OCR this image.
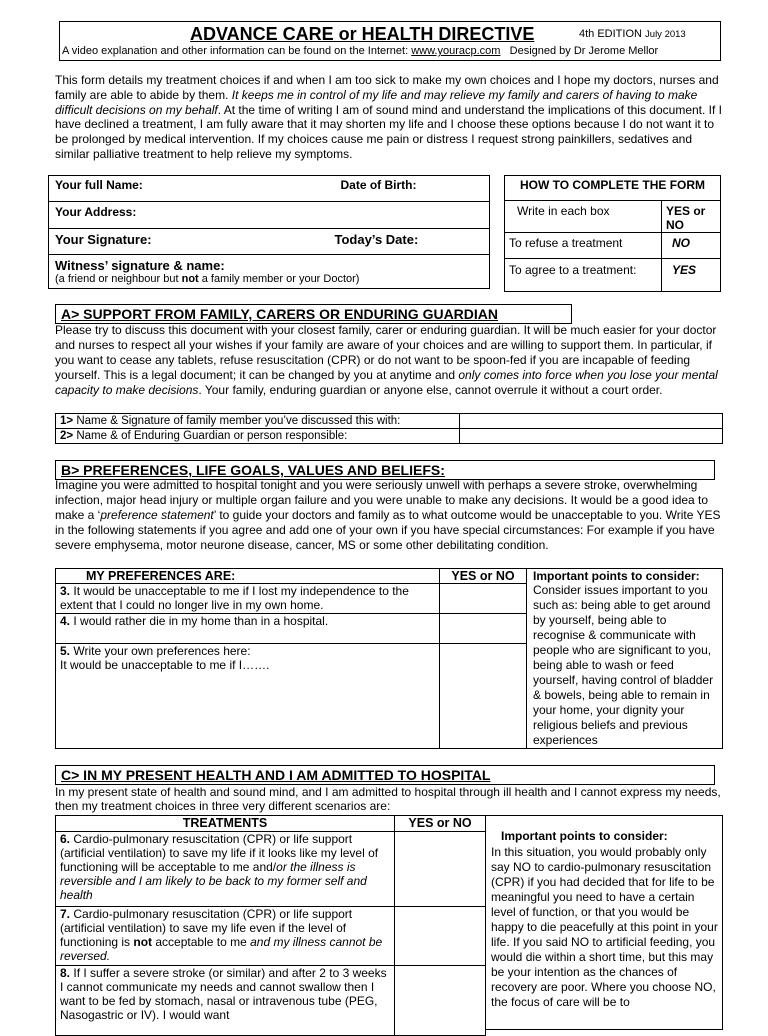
ADVANCE CARE or HEALTH DIRECTIVE	4th EDITION July 2013
A video explanation and other information can be found on the Internet: www.youracp.com Designed by Dr Jerome Mellor
This form details my treatment choices if and when I am too sick to make my own choices and I hope my doctors, nurses and family are able to abide by them. It keeps me in control of my life and may relieve my family and carers of having to make difficult decisions on my behalf. At the time of writing I am of sound mind and understand the implications of this document. If I have declined a treatment, I am fully aware that it may shorten my life and I choose these options because I do not want it to be prolonged by medical intervention. If my choices cause me pain or distress I request strong painkillers, sedatives and similar palliative treatment to help relieve my symptoms.
Your full Name:	Date of Birth:

Your Address:
Your Signature:	Today’s Date:

Witness’ signature & name:
(a friend or neighbour but not a family member or your Doctor)
HOW TO COMPLETE THE FORM	
Write in each box	YES or NO
To refuse a treatment	NO
To agree to a treatment:	YES
A> SUPPORT FROM FAMILY, CARERS OR ENDURING GUARDIAN
Please try to discuss this document with your closest family, carer or enduring guardian. It will be much easier for your doctor and nurses to respect all your wishes if your family are aware of your choices and are willing to support them. In particular, if you want to cease any tablets, refuse resuscitation (CPR) or do not want to be spoon-fed if you are incapable of feeding yourself. This is a legal document; it can be changed by you at anytime and only comes into force when you lose your mental capacity to make decisions. Your family, enduring guardian or anyone else, cannot overrule it without a court order.
1> Name & Signature of family member you’ve discussed this with:	
2> Name & of Enduring Guardian or person responsible:	
B> PREFERENCES, LIFE GOALS, VALUES AND BELIEFS:
Imagine you were admitted to hospital tonight and you were seriously unwell with perhaps a severe stroke, overwhelming infection, major head injury or multiple organ failure and you were unable to make any decisions. It would be a good idea to make a ‘preference statement’ to guide your doctors and family as to what outcome would be unacceptable to you. Write YES in the following statements if you agree and add one of your own if you have special circumstances: For example if you have severe emphysema, motor neurone disease, cancer, MS or some other debilitating condition.
MY PREFERENCES ARE:	YES or NO	Important points to consider:
Consider issues important to you such as: being able to get around by yourself, being able to recognise & communicate with people who are significant to you, being able to wash or feed yourself, having control of bladder & bowels, being able to remain in your home, your dignity your religious beliefs and previous experiences

3. It would be unacceptable to me if I lost my independence to the extent that I could no longer live in my own home.		
4. I would rather die in my home than in a hospital.		
5. Write your own preferences here:
It would be unacceptable to me if I…….		
C> IN MY PRESENT HEALTH AND I AM ADMITTED TO HOSPITAL
In my present state of health and sound mind, and I am admitted to hospital through ill health and I cannot express my needs, then my treatment choices in three very different scenarios are:
TREATMENTS	YES or NO
6. Cardio-pulmonary resuscitation (CPR) or life support (artificial ventilation) to save my life if it looks like my level of functioning will be acceptable to me and/or the illness is reversible and I am likely to be back to my former self and health	
7. Cardio-pulmonary resuscitation (CPR) or life support (artificial ventilation) to save my life even if the level of functioning is not acceptable to me and my illness cannot be reversed.	
8. If I suffer a severe stroke (or similar) and after 2 to 3 weeks I cannot communicate my needs and cannot swallow then I want to be fed by stomach, nasal or intravenous tube (PEG, Nasogastric or IV). I would want	
Important points to consider:
In this situation, you would probably only say NO to cardio-pulmonary resuscitation (CPR) if you had decided that for life to be meaningful you need to have a certain level of function, or that you would be happy to die peacefully at this point in your life. If you said NO to artificial feeding, you would die within a short time, but this may be your intention as the chances of recovery are poor. Where you choose NO, the focus of care will be to
